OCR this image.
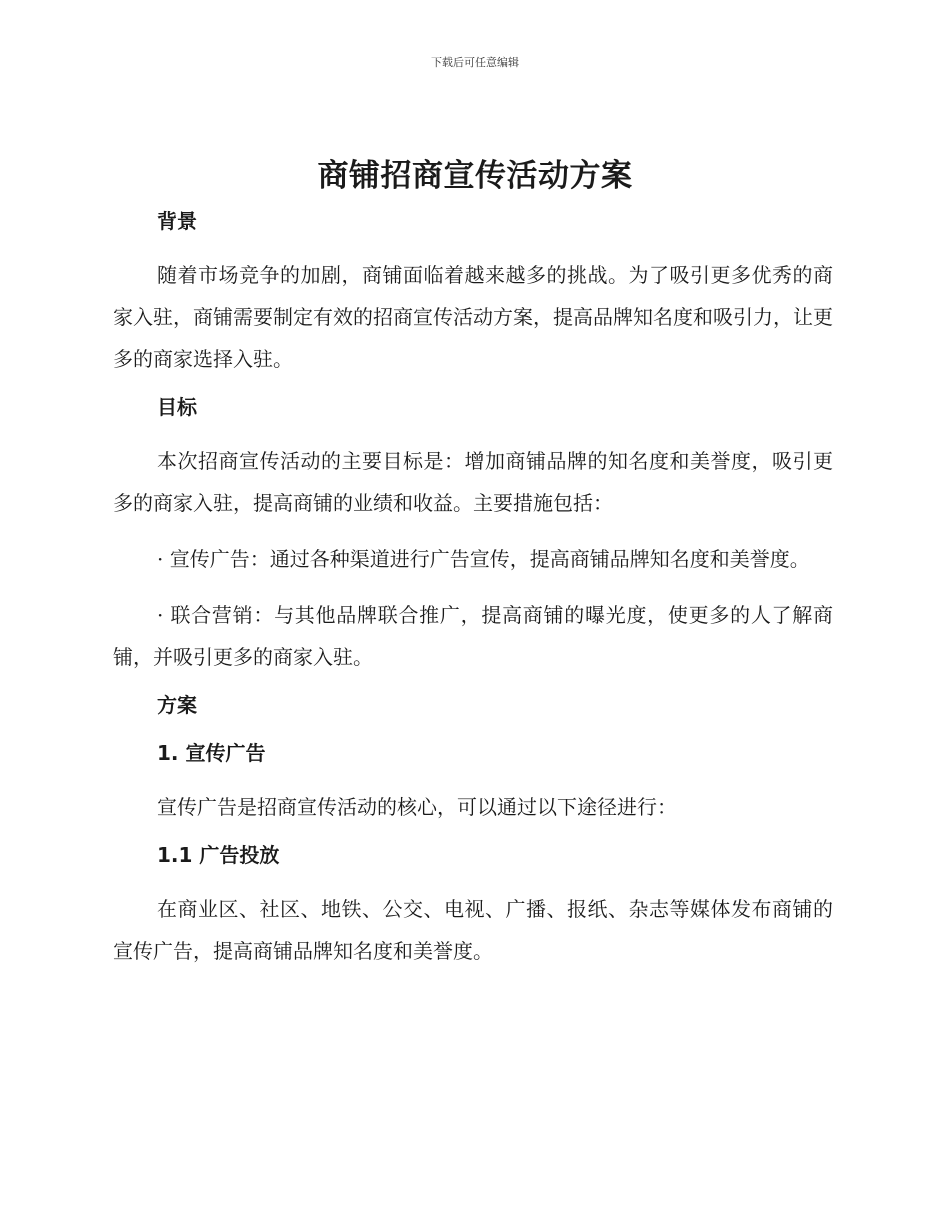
下载后可任意编辑
商铺招商宣传活动方案

背景

随着市场竞争的加剧，商铺面临着越来越多的挑战。为了吸引更多优秀的商家入驻，商铺需要制定有效的招商宣传活动方案，提高品牌知名度和吸引力，让更多的商家选择入驻。

目标

本次招商宣传活动的主要目标是：增加商铺品牌的知名度和美誉度，吸引更多的商家入驻，提高商铺的业绩和收益。主要措施包括：

· 宣传广告：通过各种渠道进行广告宣传，提高商铺品牌知名度和美誉度。

· 联合营销：与其他品牌联合推广，提高商铺的曝光度，使更多的人了解商铺，并吸引更多的商家入驻。

方案

1. 宣传广告

宣传广告是招商宣传活动的核心，可以通过以下途径进行：

1.1 广告投放

在商业区、社区、地铁、公交、电视、广播、报纸、杂志等媒体发布商铺的宣传广告，提高商铺品牌知名度和美誉度。
